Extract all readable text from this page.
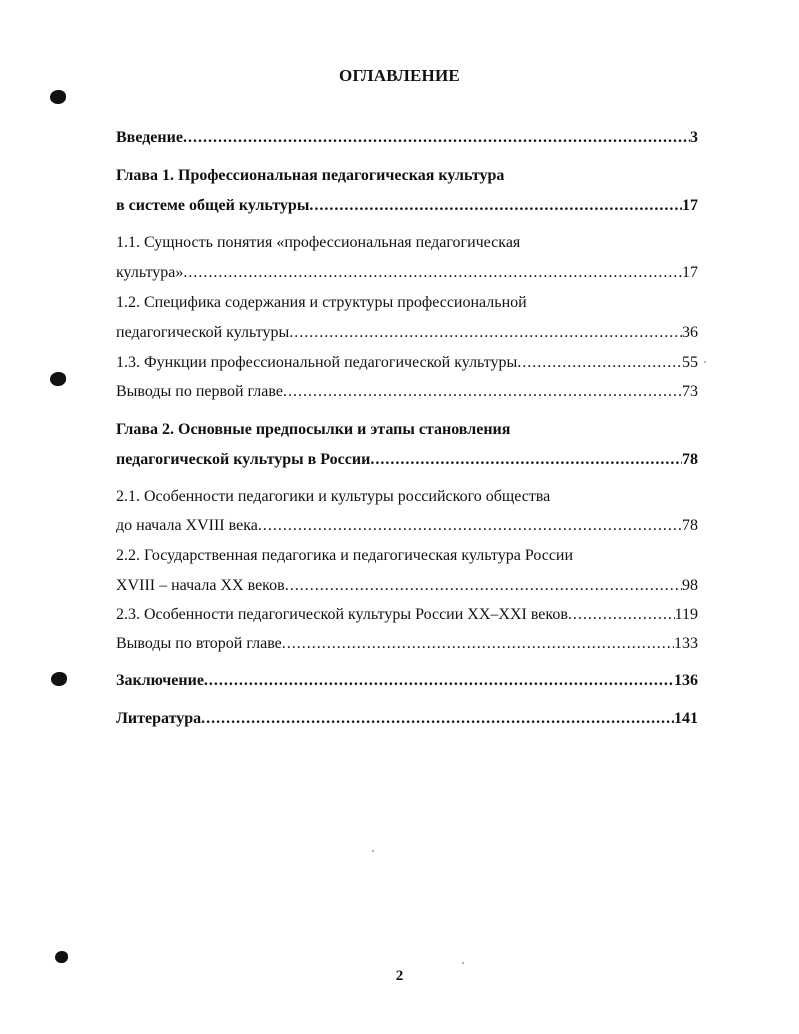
ОГЛАВЛЕНИЕ
Введение .....	3
Глава 1. Профессиональная педагогическая культура
в системе общей культуры .....	17
1.1. Сущность понятия «профессиональная педагогическая
культура» .....	17
1.2. Специфика содержания и структуры профессиональной
педагогической культуры .....	36
1.3. Функции профессиональной педагогической культуры .....	55
Выводы по первой главе .....	73
Глава 2. Основные предпосылки и этапы становления
педагогической культуры в России .....	78
2.1. Особенности педагогики и культуры российского общества
до начала XVIII века .....	78
2.2. Государственная педагогика и педагогическая культура России
XVIII – начала XX веков .....	98
2.3. Особенности педагогической культуры России XX–XXI веков .....	119
Выводы по второй главе .....	133
Заключение .....	136
Литература .....	141
2
